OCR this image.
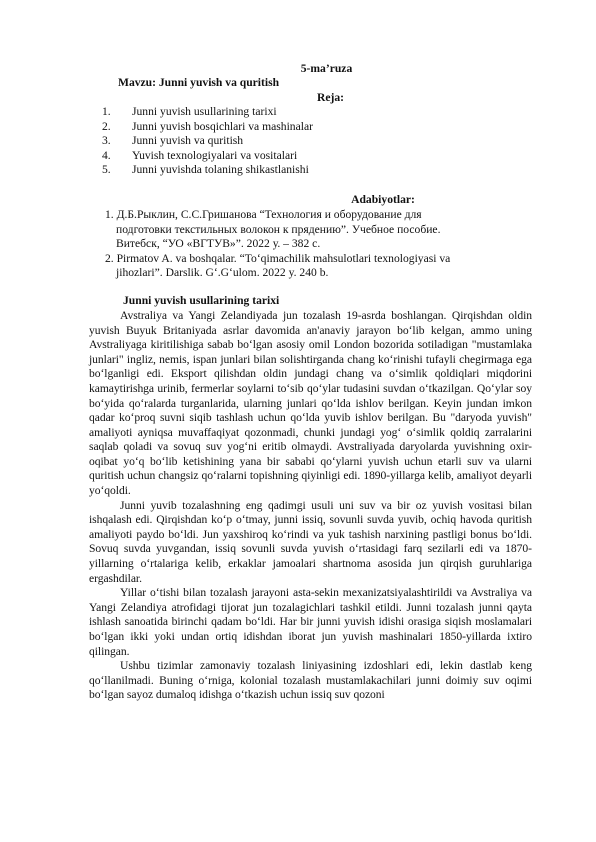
5-ma’ruza
Mavzu: Junni yuvish va quritish
Reja:
1. Junni yuvish usullarining tarixi
2. Junni yuvish bosqichlari va mashinalar
3. Junni yuvish va quritish
4. Yuvish texnologiyalari va vositalari
5. Junni yuvishda tolaning shikastlanishi
Adabiyotlar:
1. Д.Б.Рыклин, С.С.Гришанова “Технология и оборудование для
подготовки текстильных волокон к прядению”. Учебное пособие.
Витебск, “УО «ВГТУВ»”. 2022 у. – 382 с.
2. Pirmatov A. va boshqalar. “To‘qimachilik mahsulotlari texnologiyasi va
jihozlari”. Darslik. G‘.G‘ulom. 2022 y. 240 b.
Junni yuvish usullarining tarixi

Avstraliya va Yangi Zelandiyada jun tozalash 19-asrda boshlangan. Qirqishdan oldin yuvish Buyuk Britaniyada asrlar davomida an'anaviy jarayon bo‘lib kelgan, ammo uning Avstraliyaga kiritilishiga sabab bo‘lgan asosiy omil London bozorida sotiladigan "mustamlaka junlari" ingliz, nemis, ispan junlari bilan solishtirganda chang ko‘rinishi tufayli chegirmaga ega bo‘lganligi edi. Eksport qilishdan oldin jundagi chang va o‘simlik qoldiqlari miqdorini kamaytirishga urinib, fermerlar soylarni to‘sib qo‘ylar tudasini suvdan o‘tkazilgan. Qo‘ylar soy bo‘yida qo‘ralarda turganlarida, ularning junlari qo‘lda ishlov berilgan. Keyin jundan imkon qadar ko‘proq suvni siqib tashlash uchun qo‘lda yuvib ishlov berilgan. Bu "daryoda yuvish" amaliyoti ayniqsa muvaffaqiyat qozonmadi, chunki jundagi yog‘ o‘simlik qoldiq zarralarini saqlab qoladi va sovuq suv yog‘ni eritib olmaydi. Avstraliyada daryolarda yuvishning oxir-oqibat yo‘q bo‘lib ketishining yana bir sababi qo‘ylarni yuvish uchun etarli suv va ularni quritish uchun changsiz qo‘ralarni topishning qiyinligi edi. 1890-yillarga kelib, amaliyot deyarli yo‘qoldi.

Junni yuvib tozalashning eng qadimgi usuli uni suv va bir oz yuvish vositasi bilan ishqalash edi. Qirqishdan ko‘p o‘tmay, junni issiq, sovunli suvda yuvib, ochiq havoda quritish amaliyoti paydo bo‘ldi. Jun yaxshiroq ko‘rindi va yuk tashish narxining pastligi bonus bo‘ldi. Sovuq suvda yuvgandan, issiq sovunli suvda yuvish o‘rtasidagi farq sezilarli edi va 1870-yillarning o‘rtalariga kelib, erkaklar jamoalari shartnoma asosida jun qirqish guruhlariga ergashdilar.

Yillar o‘tishi bilan tozalash jarayoni asta-sekin mexanizatsiyalashtirildi va Avstraliya va Yangi Zelandiya atrofidagi tijorat jun tozalagichlari tashkil etildi. Junni tozalash junni qayta ishlash sanoatida birinchi qadam bo‘ldi. Har bir junni yuvish idishi orasiga siqish moslamalari bo‘lgan ikki yoki undan ortiq idishdan iborat jun yuvish mashinalari 1850-yillarda ixtiro qilingan.

Ushbu tizimlar zamonaviy tozalash liniyasining izdoshlari edi, lekin dastlab keng qo‘llanilmadi. Buning o‘rniga, kolonial tozalash mustamlakachilari junni doimiy suv oqimi bo‘lgan sayoz dumaloq idishga o‘tkazish uchun issiq suv qozoni
